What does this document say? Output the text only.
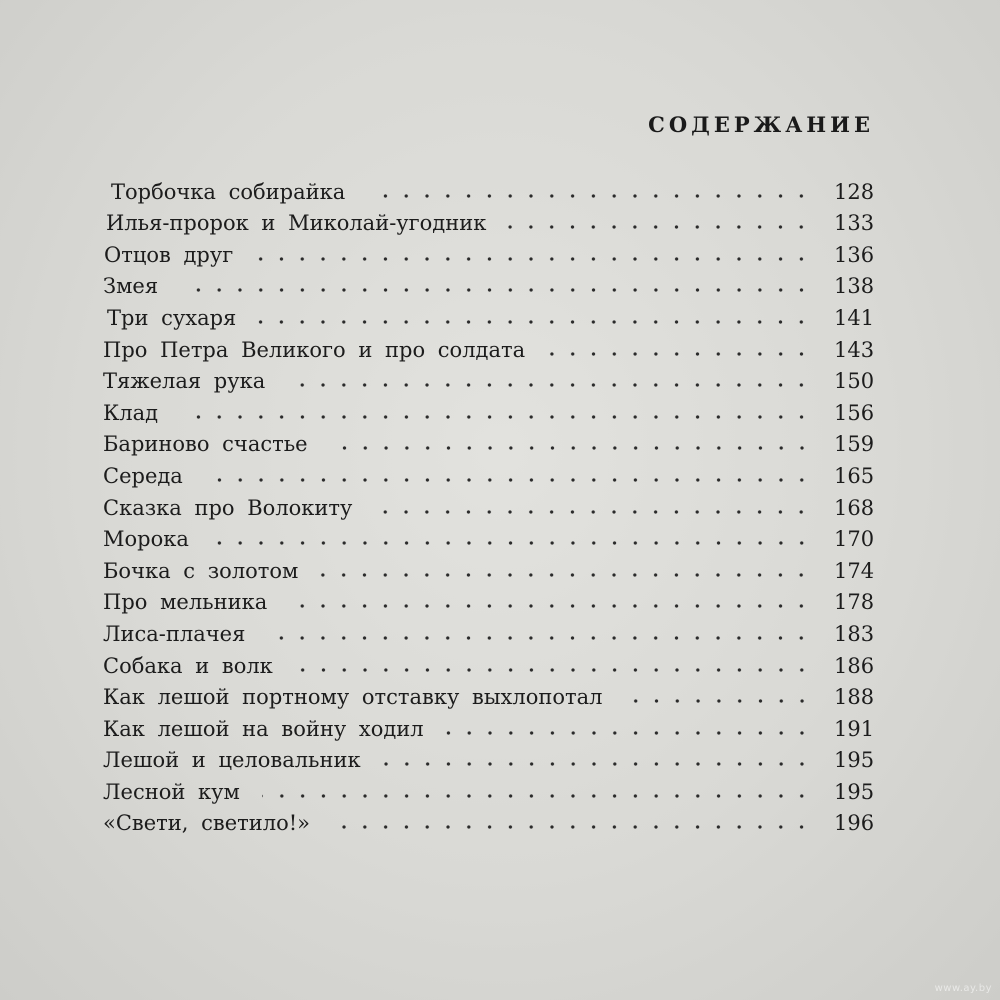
СОДЕРЖАНИЕ
Торбочка собирайка	128
Илья-пророк и Миколай-угодник	133
Отцов друг	136
Змея	138
Три сухаря	141
Про Петра Великого и про солдата	143
Тяжелая рука	150
Клад	156
Бариново счастье	159
Середа	165
Сказка про Волокиту	168
Морока	170
Бочка с золотом	174
Про мельника	178
Лиса-плачея	183
Собака и волк	186
Как лешой портному отставку выхлопотал	188
Как лешой на войну ходил	191
Лешой и целовальник	195
Лесной кум	195
«Свети, светило!»	196
www.ay.by
